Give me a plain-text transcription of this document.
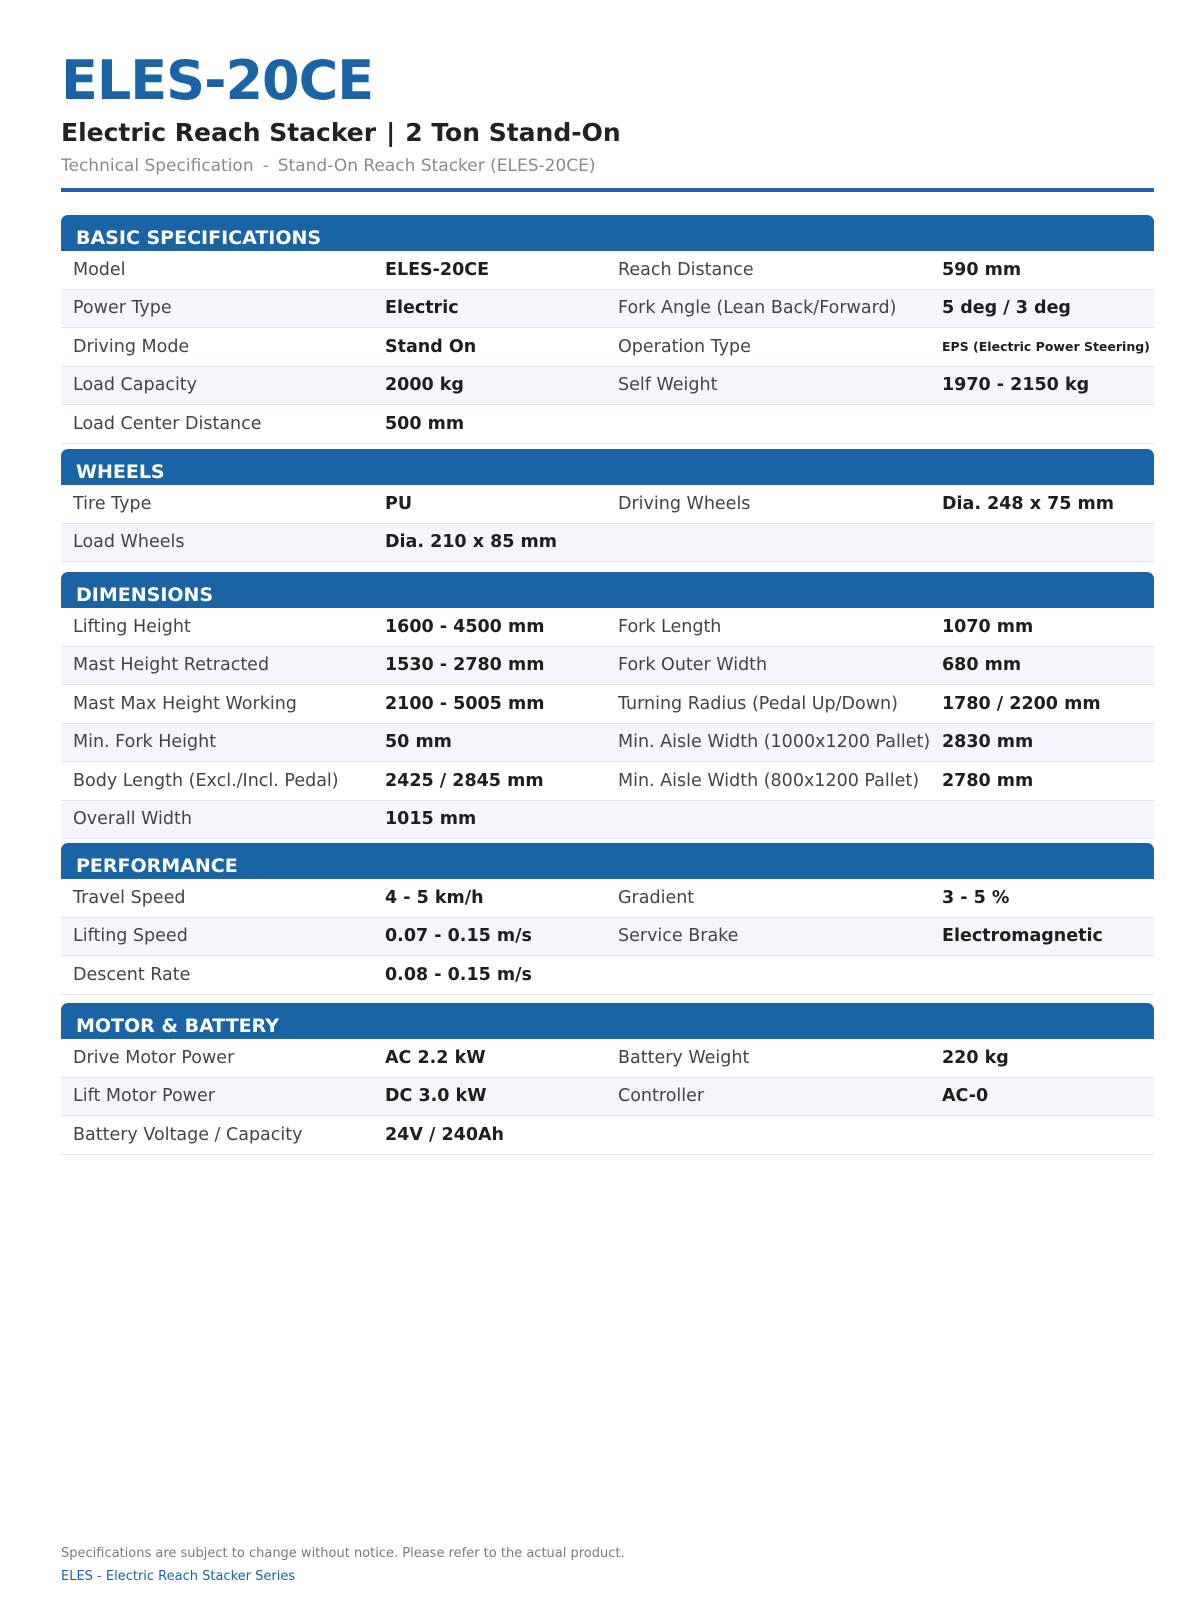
ELES-20CE
Electric Reach Stacker | 2 Ton Stand-On
Technical Specification - Stand-On Reach Stacker (ELES-20CE)
BASIC SPECIFICATIONS
Model	ELES-20CE	Reach Distance	590 mm
Power Type	Electric	Fork Angle (Lean Back/Forward)	5 deg / 3 deg
Driving Mode	Stand On	Operation Type	EPS (Electric Power Steering)
Load Capacity	2000 kg	Self Weight	1970 - 2150 kg
Load Center Distance	500 mm
WHEELS
Tire Type	PU	Driving Wheels	Dia. 248 x 75 mm
Load Wheels	Dia. 210 x 85 mm
DIMENSIONS
Lifting Height	1600 - 4500 mm	Fork Length	1070 mm
Mast Height Retracted	1530 - 2780 mm	Fork Outer Width	680 mm
Mast Max Height Working	2100 - 5005 mm	Turning Radius (Pedal Up/Down)	1780 / 2200 mm
Min. Fork Height	50 mm	Min. Aisle Width (1000x1200 Pallet) 2830 mm
Body Length (Excl./Incl. Pedal)	2425 / 2845 mm	Min. Aisle Width (800x1200 Pallet)	2780 mm
Overall Width	1015 mm
PERFORMANCE
Travel Speed	4 - 5 km/h	Gradient	3 - 5 %
Lifting Speed	0.07 - 0.15 m/s	Service Brake	Electromagnetic
Descent Rate	0.08 - 0.15 m/s
MOTOR & BATTERY
Drive Motor Power	AC 2.2 kW	Battery Weight	220 kg
Lift Motor Power	DC 3.0 kW	Controller	AC-0
Battery Voltage / Capacity	24V / 240Ah
Specifications are subject to change without notice. Please refer to the actual product.
ELES - Electric Reach Stacker Series
